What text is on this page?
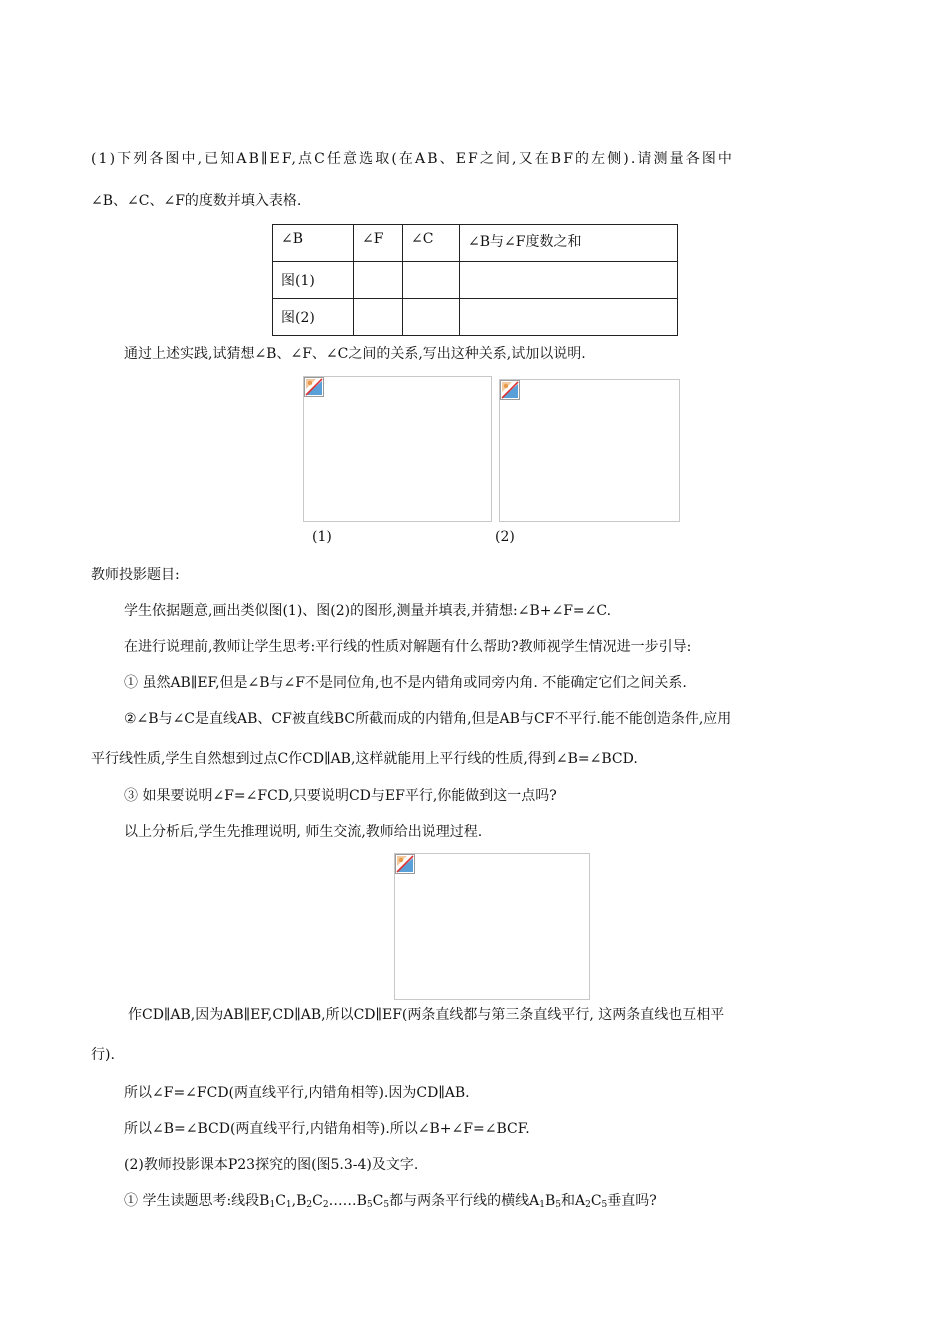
(1)下列各图中,已知AB∥EF,点C任意选取(在AB、EF之间,又在BF的左侧).请测量各图中
∠B、∠C、∠F的度数并填入表格.
∠B	∠F	∠C	∠B与∠F度数之和
图(1)			
图(2)			
通过上述实践,试猜想∠B、∠F、∠C之间的关系,写出这种关系,试加以说明.
(1)	(2)
教师投影题目:
学生依据题意,画出类似图(1)、图(2)的图形,测量并填表,并猜想:∠B+∠F=∠C.
在进行说理前,教师让学生思考:平行线的性质对解题有什么帮助?教师视学生情况进一步引导:
① 虽然AB∥EF,但是∠B与∠F不是同位角,也不是内错角或同旁内角. 不能确定它们之间关系.
②∠B与∠C是直线AB、CF被直线BC所截而成的内错角,但是AB与CF不平行.能不能创造条件,应用
平行线性质,学生自然想到过点C作CD∥AB,这样就能用上平行线的性质,得到∠B=∠BCD.
③ 如果要说明∠F=∠FCD,只要说明CD与EF平行,你能做到这一点吗?
以上分析后,学生先推理说明, 师生交流,教师给出说理过程.
作CD∥AB,因为AB∥EF,CD∥AB,所以CD∥EF(两条直线都与第三条直线平行, 这两条直线也互相平
行).
所以∠F=∠FCD(两直线平行,内错角相等).因为CD∥AB.
所以∠B=∠BCD(两直线平行,内错角相等).所以∠B+∠F=∠BCF.
(2)教师投影课本P23探究的图(图5.3-4)及文字.
① 学生读题思考:线段$B_1C_1,B_2C_2\dots\dots B_5C_5$都与两条平行线的横线$A_1B_5$和$A_2C_5$垂直吗?
